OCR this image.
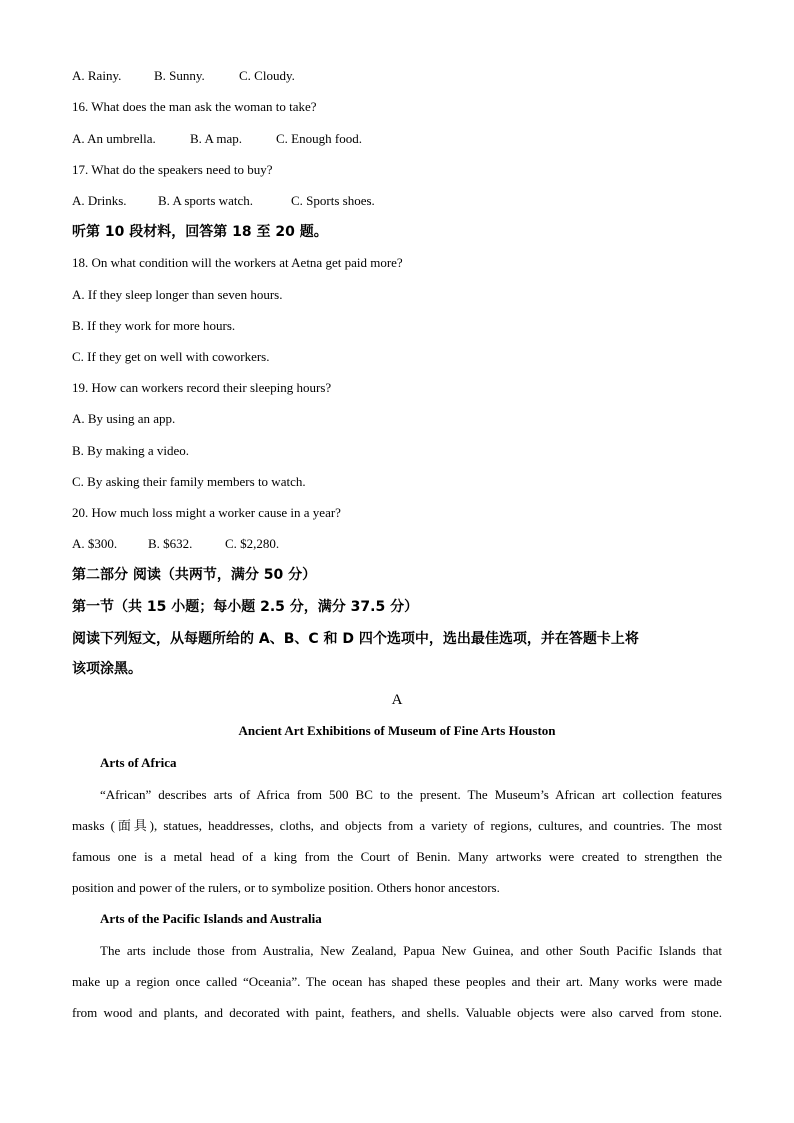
A. Rainy.	B. Sunny.	C. Cloudy.
16. What does the man ask the woman to take?
A. An umbrella.	B. A map.	C. Enough food.
17. What do the speakers need to buy?
A. Drinks. B. A sports watch.	C. Sports shoes.
听第 10 段材料，回答第 18 至 20 题。
18. On what condition will the workers at Aetna get paid more?
A. If they sleep longer than seven hours.
B. If they work for more hours.
C. If they get on well with coworkers.
19. How can workers record their sleeping hours?
A. By using an app.
B. By making a video.
C. By asking their family members to watch.
20. How much loss might a worker cause in a year?
A. $300. B. $632.	C. $2,280.
第二部分 阅读（共两节，满分 50 分）
第一节（共 15 小题；每小题 2.5 分，满分 37.5 分）
阅读下列短文，从每题所给的 A、B、C 和 D 四个选项中，选出最佳选项，并在答题卡上将
该项涂黑。
A
Ancient Art Exhibitions of Museum of Fine Arts Houston
Arts of Africa
“African” describes arts of Africa from 500 BC to the present. The Museum’s African art collection features
masks (面具), statues, headdresses, cloths, and objects from a variety of regions, cultures, and countries. The most
famous one is a metal head of a king from the Court of Benin. Many artworks were created to strengthen the
position and power of the rulers, or to symbolize position. Others honor ancestors.
Arts of the Pacific Islands and Australia
The arts include those from Australia, New Zealand, Papua New Guinea, and other South Pacific Islands that
make up a region once called “Oceania”. The ocean has shaped these peoples and their art. Many works were made
from wood and plants, and decorated with paint, feathers, and shells. Valuable objects were also carved from stone.
